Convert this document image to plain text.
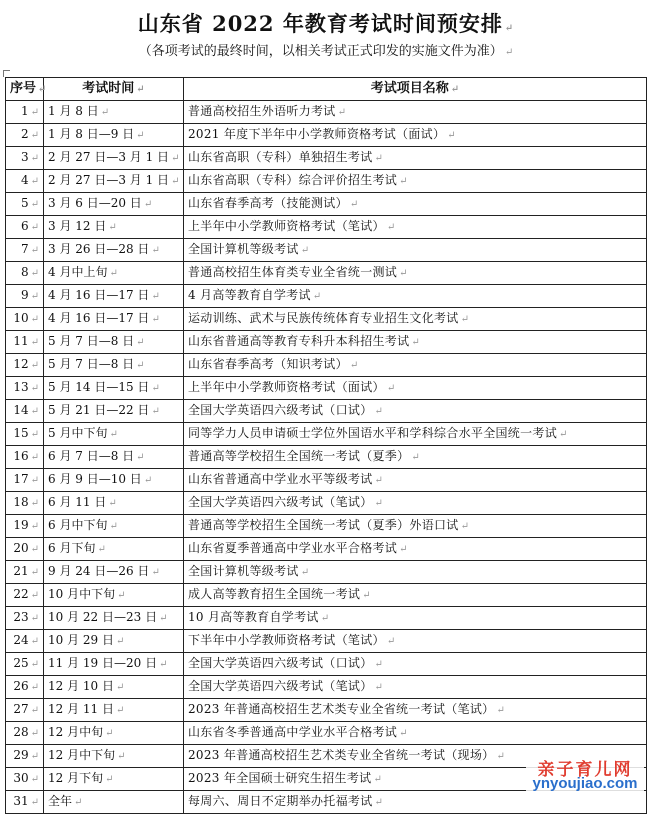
山东省 2022 年教育考试时间预安排 ↵
（各项考试的最终时间，以相关考试正式印发的实施文件为准） ↵
序号 ↵	考试时间 ↵	考试项目名称 ↵
1 ↵	1 月 8 日 ↵	普通高校招生外语听力考试 ↵
2 ↵	1 月 8 日—9 日 ↵	2021 年度下半年中小学教师资格考试（面试） ↵
3 ↵	2 月 27 日—3 月 1 日 ↵	山东省高职（专科）单独招生考试 ↵
4 ↵	2 月 27 日—3 月 1 日 ↵	山东省高职（专科）综合评价招生考试 ↵
5 ↵	3 月 6 日—20 日 ↵	山东省春季高考（技能测试） ↵
6 ↵	3 月 12 日 ↵	上半年中小学教师资格考试（笔试） ↵
7 ↵	3 月 26 日—28 日 ↵	全国计算机等级考试 ↵
8 ↵	4 月中上旬 ↵	普通高校招生体育类专业全省统一测试 ↵
9 ↵	4 月 16 日—17 日 ↵	4 月高等教育自学考试 ↵
10 ↵	4 月 16 日—17 日 ↵	运动训练、武术与民族传统体育专业招生文化考试 ↵
11 ↵	5 月 7 日—8 日 ↵	山东省普通高等教育专科升本科招生考试 ↵
12 ↵	5 月 7 日—8 日 ↵	山东省春季高考（知识考试） ↵
13 ↵	5 月 14 日—15 日 ↵	上半年中小学教师资格考试（面试） ↵
14 ↵	5 月 21 日—22 日 ↵	全国大学英语四六级考试（口试） ↵
15 ↵	5 月中下旬 ↵	同等学力人员申请硕士学位外国语水平和学科综合水平全国统一考试 ↵
16 ↵	6 月 7 日—8 日 ↵	普通高等学校招生全国统一考试（夏季） ↵
17 ↵	6 月 9 日—10 日 ↵	山东省普通高中学业水平等级考试 ↵
18 ↵	6 月 11 日 ↵	全国大学英语四六级考试（笔试） ↵
19 ↵	6 月中下旬 ↵	普通高等学校招生全国统一考试（夏季）外语口试 ↵
20 ↵	6 月下旬 ↵	山东省夏季普通高中学业水平合格考试 ↵
21 ↵	9 月 24 日—26 日 ↵	全国计算机等级考试 ↵
22 ↵	10 月中下旬 ↵	成人高等教育招生全国统一考试 ↵
23 ↵	10 月 22 日—23 日 ↵	10 月高等教育自学考试 ↵
24 ↵	10 月 29 日 ↵	下半年中小学教师资格考试（笔试） ↵
25 ↵	11 月 19 日—20 日 ↵	全国大学英语四六级考试（口试） ↵
26 ↵	12 月 10 日 ↵	全国大学英语四六级考试（笔试） ↵
27 ↵	12 月 11 日 ↵	2023 年普通高校招生艺术类专业全省统一考试（笔试） ↵
28 ↵	12 月中旬 ↵	山东省冬季普通高中学业水平合格考试 ↵
29 ↵	12 月中下旬 ↵	2023 年普通高校招生艺术类专业全省统一考试（现场） ↵
30 ↵	12 月下旬 ↵	2023 年全国硕士研究生招生考试 ↵
31 ↵	全年 ↵	每周六、周日不定期举办托福考试 ↵
亲子育儿网
ynyoujiao.com
